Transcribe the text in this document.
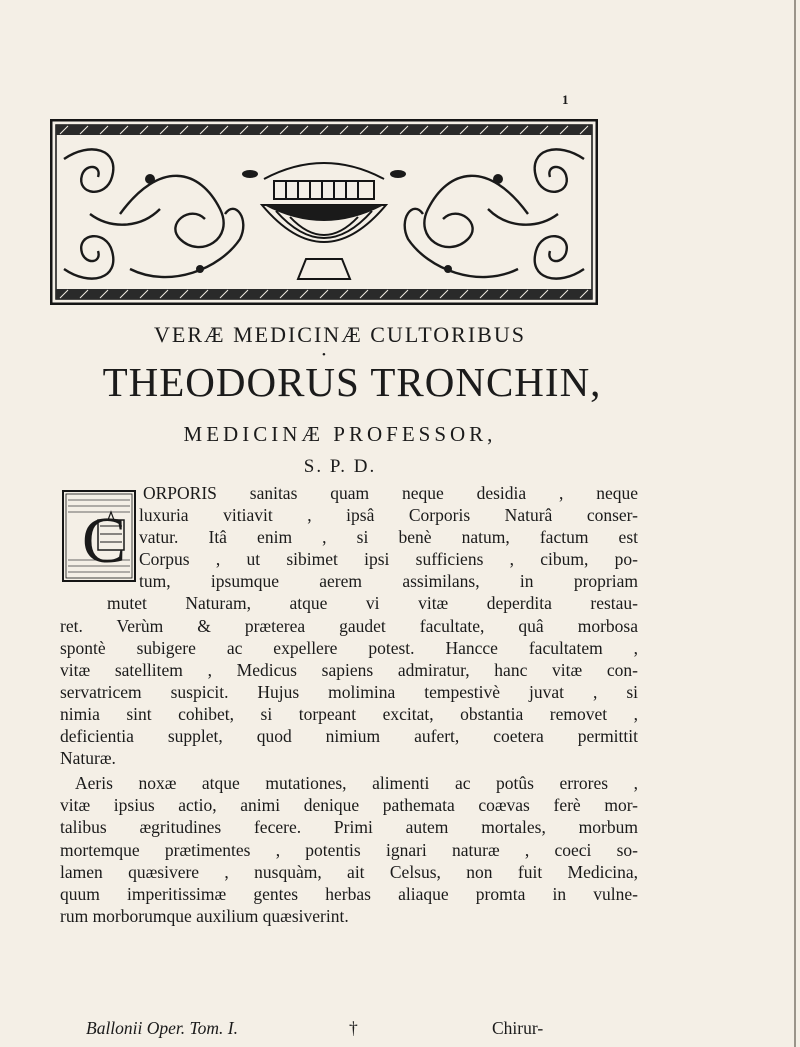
1
VERÆ MEDICINÆ CULTORIBUS
•
THEODORUS TRONCHIN,
MEDICINÆ PROFESSOR,
S. P. D.
C
ORPORIS sanitas quam neque desidia , neque
luxuria vitiavit , ipsâ Corporis Naturâ conser-
vatur. Itâ enim , si benè natum, factum est
Corpus , ut sibimet ipsi sufficiens , cibum, po-
tum, ipsumque aerem assimilans, in propriam
mutet Naturam, atque vi vitæ deperdita restau-
ret. Verùm & præterea gaudet facultate, quâ morbosa
spontè subigere ac expellere potest. Hancce facultatem ,
vitæ satellitem , Medicus sapiens admiratur, hanc vitæ con-
servatricem suspicit. Hujus molimina tempestivè juvat , si
nimia sint cohibet, si torpeant excitat, obstantia removet ,
deficientia supplet, quod nimium aufert, coetera permittit
Naturæ.
Aeris noxæ atque mutationes, alimenti ac potûs errores ,
vitæ ipsius actio, animi denique pathemata coævas ferè mor-
talibus ægritudines fecere. Primi autem mortales, morbum
mortemque prætimentes , potentis ignari naturæ , coeci so-
lamen quæsivere , nusquàm, ait Celsus, non fuit Medicina,
quum imperitissimæ gentes herbas aliaque promta in vulne-
rum morborumque auxilium quæsiverint.
Ballonii Oper. Tom. I.	†	Chirur-
